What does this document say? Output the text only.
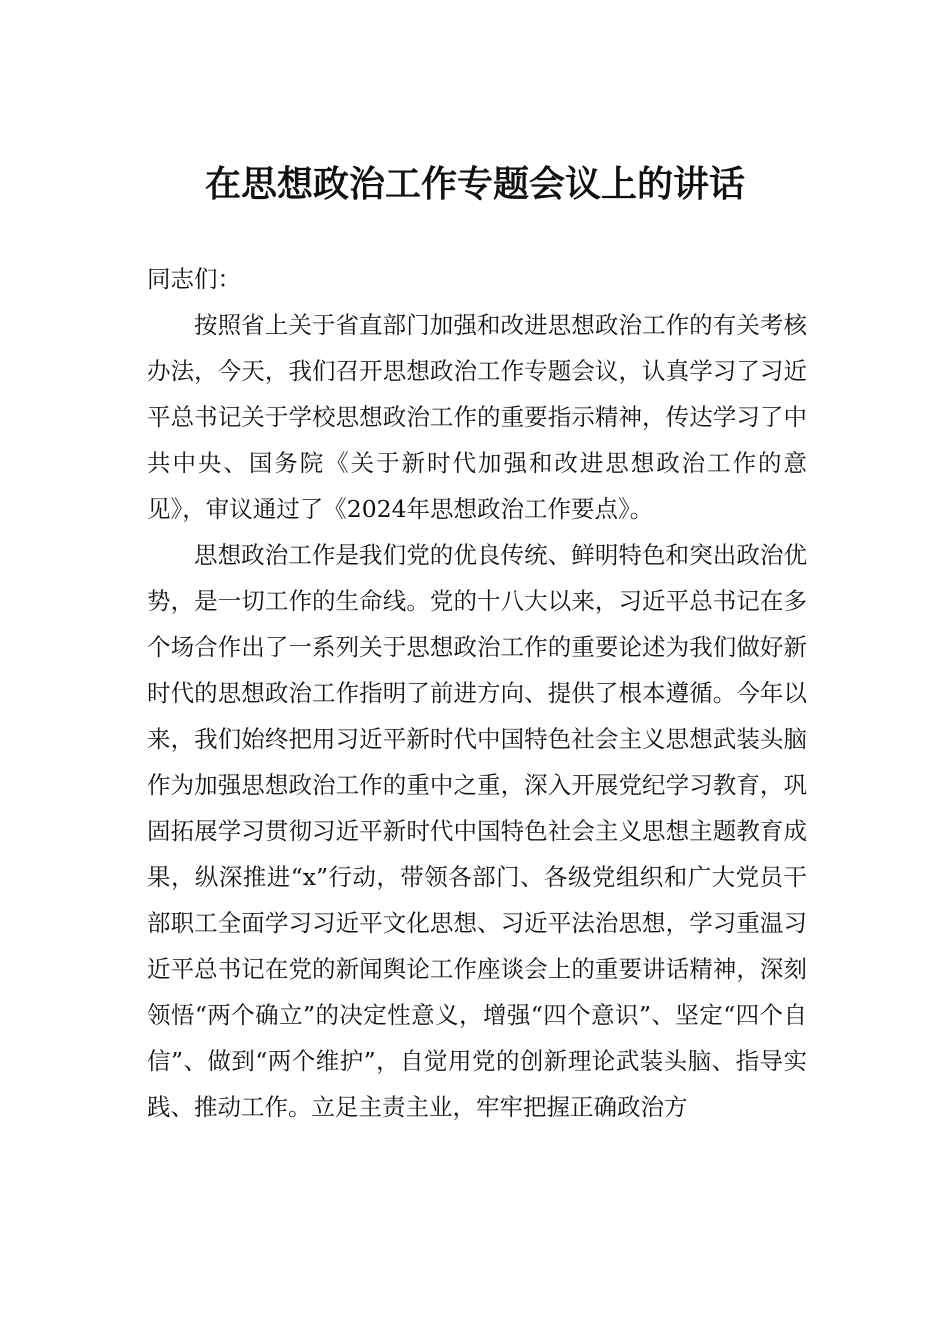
在思想政治工作专题会议上的讲话

同志们：

按照省上关于省直部门加强和改进思想政治工作的有关考核办法，今天，我们召开思想政治工作专题会议，认真学习了习近平总书记关于学校思想政治工作的重要指示精神，传达学习了中共中央、国务院《关于新时代加强和改进思想政治工作的意见》，审议通过了《2024年思想政治工作要点》。

思想政治工作是我们党的优良传统、鲜明特色和突出政治优势，是一切工作的生命线。党的十八大以来，习近平总书记在多个场合作出了一系列关于思想政治工作的重要论述为我们做好新时代的思想政治工作指明了前进方向、提供了根本遵循。今年以来，我们始终把用习近平新时代中国特色社会主义思想武装头脑作为加强思想政治工作的重中之重，深入开展党纪学习教育，巩固拓展学习贯彻习近平新时代中国特色社会主义思想主题教育成果，纵深推进“x”行动，带领各部门、各级党组织和广大党员干部职工全面学习习近平文化思想、习近平法治思想，学习重温习近平总书记在党的新闻舆论工作座谈会上的重要讲话精神，深刻领悟“两个确立”的决定性意义，增强“四个意识”、坚定“四个自信”、做到“两个维护”，自觉用党的创新理论武装头脑、指导实践、推动工作。立足主责主业，牢牢把握正确政治方
